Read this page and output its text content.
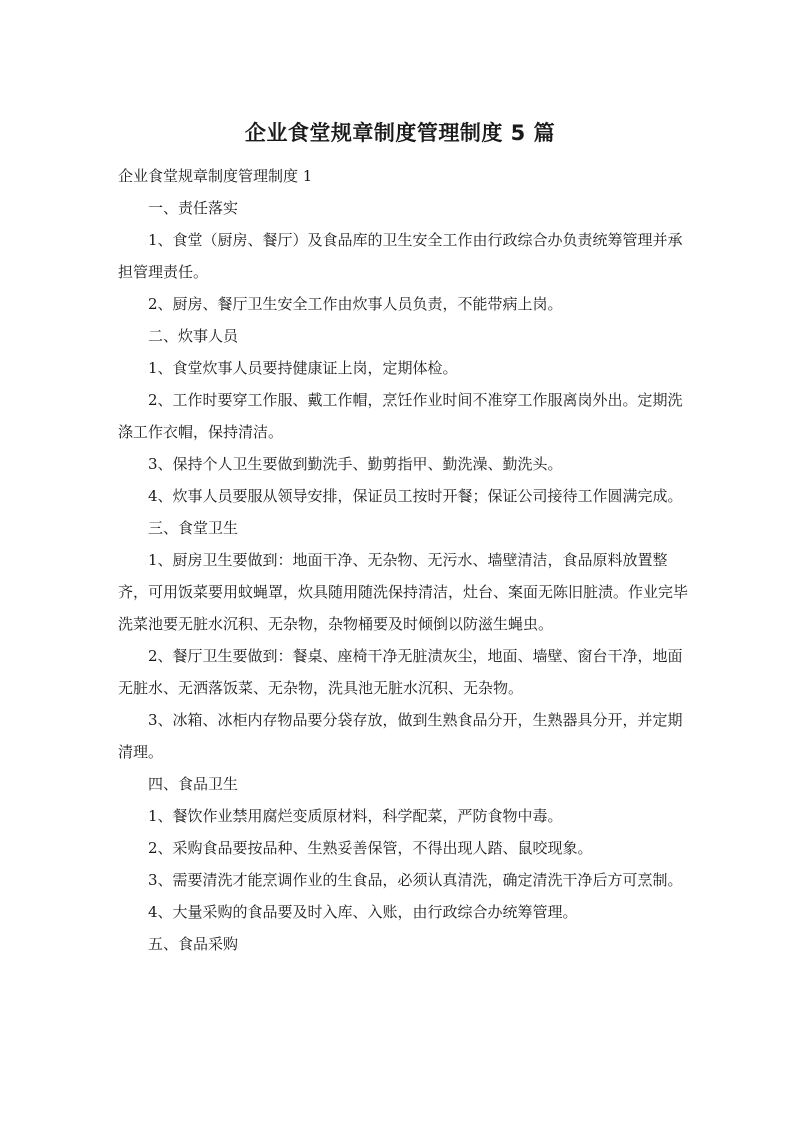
企业食堂规章制度管理制度 5 篇

企业食堂规章制度管理制度 1

一、责任落实

1、食堂（厨房、餐厅）及食品库的卫生安全工作由行政综合办负责统筹管理并承担管理责任。

2、厨房、餐厅卫生安全工作由炊事人员负责，不能带病上岗。

二、炊事人员

1、食堂炊事人员要持健康证上岗，定期体检。

2、工作时要穿工作服、戴工作帽，烹饪作业时间不准穿工作服离岗外出。定期洗涤工作衣帽，保持清洁。

3、保持个人卫生要做到勤洗手、勤剪指甲、勤洗澡、勤洗头。

4、炊事人员要服从领导安排，保证员工按时开餐；保证公司接待工作圆满完成。

三、食堂卫生

1、厨房卫生要做到：地面干净、无杂物、无污水、墙壁清洁，食品原料放置整齐，可用饭菜要用蚊蝇罩，炊具随用随洗保持清洁，灶台、案面无陈旧脏渍。作业完毕洗菜池要无脏水沉积、无杂物，杂物桶要及时倾倒以防滋生蝇虫。

2、餐厅卫生要做到：餐桌、座椅干净无脏渍灰尘，地面、墙壁、窗台干净，地面无脏水、无洒落饭菜、无杂物，洗具池无脏水沉积、无杂物。

3、冰箱、冰柜内存物品要分袋存放，做到生熟食品分开，生熟器具分开，并定期清理。

四、食品卫生

1、餐饮作业禁用腐烂变质原材料，科学配菜，严防食物中毒。

2、采购食品要按品种、生熟妥善保管，不得出现人踏、鼠咬现象。

3、需要清洗才能烹调作业的生食品，必须认真清洗，确定清洗干净后方可烹制。

4、大量采购的食品要及时入库、入账，由行政综合办统筹管理。

五、食品采购
